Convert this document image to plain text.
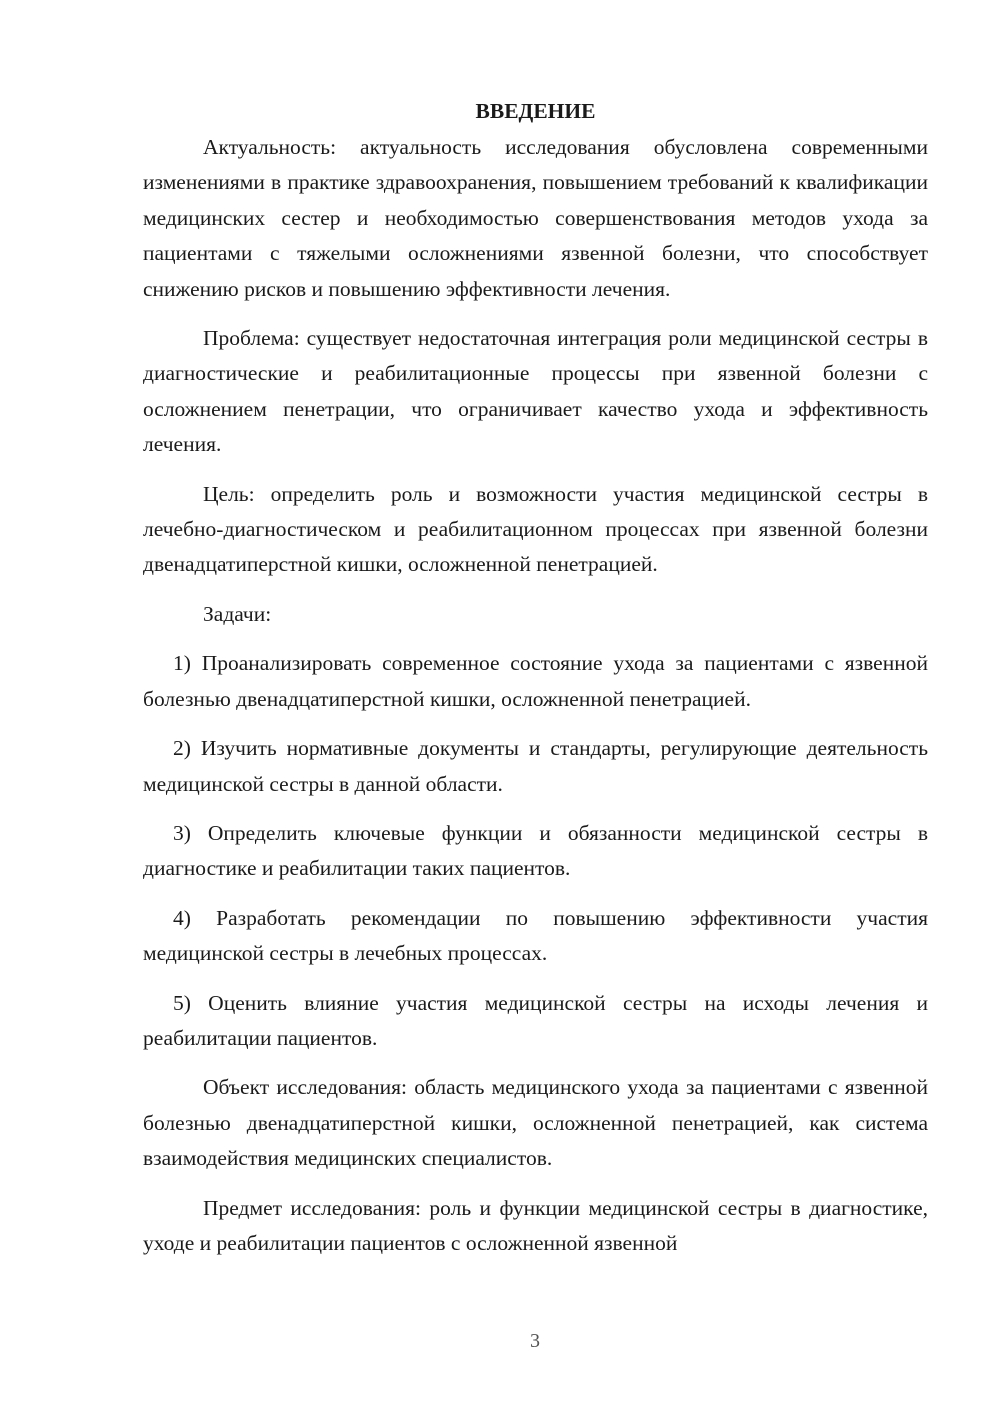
ВВЕДЕНИЕ

Актуальность: актуальность исследования обусловлена современными изменениями в практике здравоохранения, повышением требований к квалификации медицинских сестер и необходимостью совершенствования методов ухода за пациентами с тяжелыми осложнениями язвенной болезни, что способствует снижению рисков и повышению эффективности лечения.

Проблема: существует недостаточная интеграция роли медицинской сестры в диагностические и реабилитационные процессы при язвенной болезни с осложнением пенетрации, что ограничивает качество ухода и эффективность лечения.

Цель: определить роль и возможности участия медицинской сестры в лечебно-диагностическом и реабилитационном процессах при язвенной болезни двенадцатиперстной кишки, осложненной пенетрацией.

Задачи:

1) Проанализировать современное состояние ухода за пациентами с язвенной болезнью двенадцатиперстной кишки, осложненной пенетрацией.

2) Изучить нормативные документы и стандарты, регулирующие деятельность медицинской сестры в данной области.

3) Определить ключевые функции и обязанности медицинской сестры в диагностике и реабилитации таких пациентов.

4) Разработать рекомендации по повышению эффективности участия медицинской сестры в лечебных процессах.

5) Оценить влияние участия медицинской сестры на исходы лечения и реабилитации пациентов.

Объект исследования: область медицинского ухода за пациентами с язвенной болезнью двенадцатиперстной кишки, осложненной пенетрацией, как система взаимодействия медицинских специалистов.

Предмет исследования: роль и функции медицинской сестры в диагностике, уходе и реабилитации пациентов с осложненной язвенной

3
